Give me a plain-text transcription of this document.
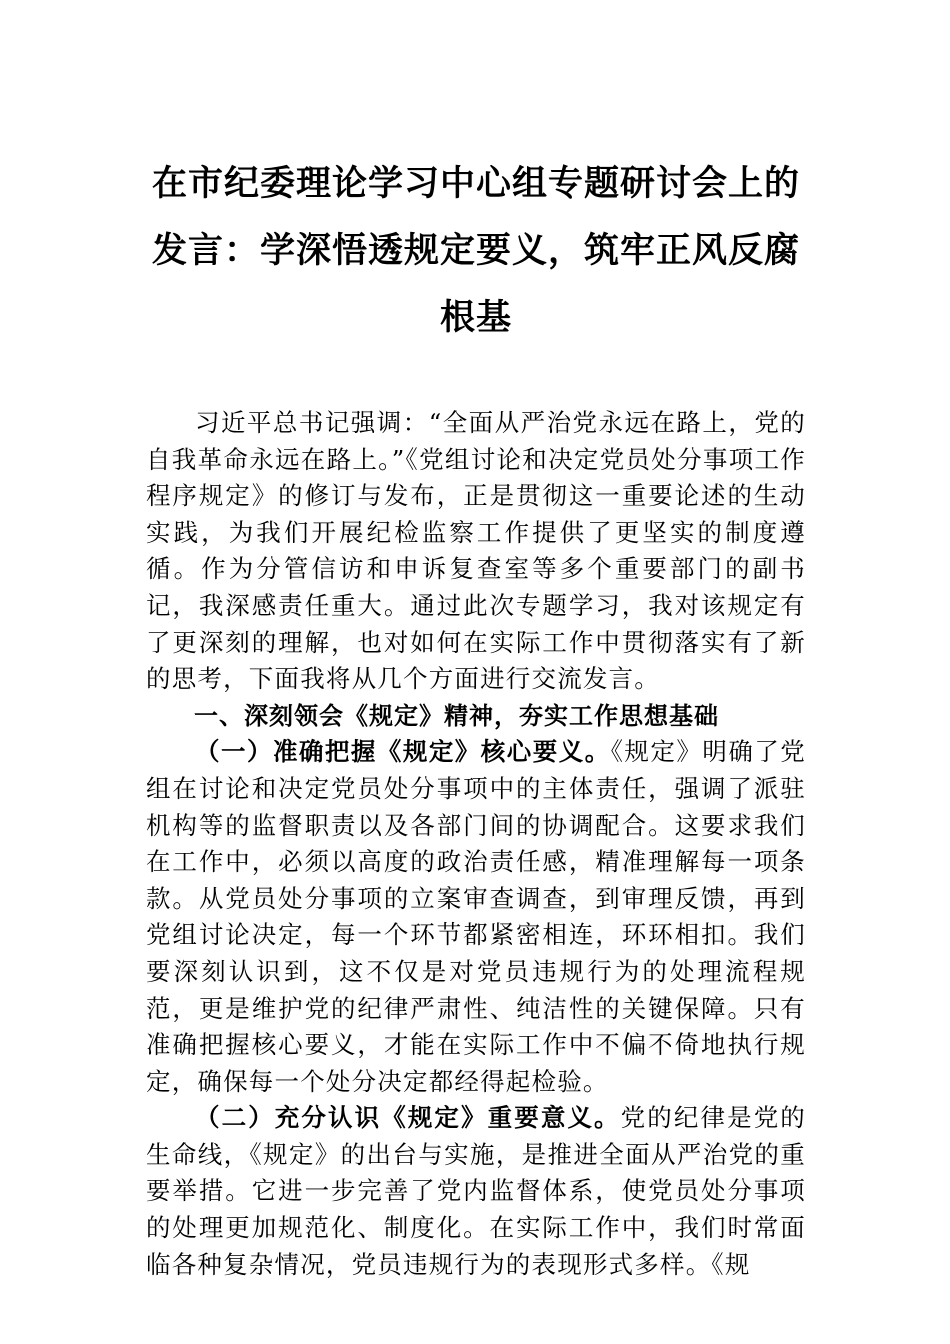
在市纪委理论学习中心组专题研讨会上的发言：学深悟透规定要义，筑牢正风反腐根基

习近平总书记强调：“全面从严治党永远在路上，党的自我革命永远在路上。”《党组讨论和决定党员处分事项工作程序规定》的修订与发布，正是贯彻这一重要论述的生动实践，为我们开展纪检监察工作提供了更坚实的制度遵循。作为分管信访和申诉复查室等多个重要部门的副书记，我深感责任重大。通过此次专题学习，我对该规定有了更深刻的理解，也对如何在实际工作中贯彻落实有了新的思考，下面我将从几个方面进行交流发言。

一、深刻领会《规定》精神，夯实工作思想基础

（一）准确把握《规定》核心要义。《规定》明确了党组在讨论和决定党员处分事项中的主体责任，强调了派驻机构等的监督职责以及各部门间的协调配合。这要求我们在工作中，必须以高度的政治责任感，精准理解每一项条款。从党员处分事项的立案审查调查，到审理反馈，再到党组讨论决定，每一个环节都紧密相连，环环相扣。我们要深刻认识到，这不仅是对党员违规行为的处理流程规范，更是维护党的纪律严肃性、纯洁性的关键保障。只有准确把握核心要义，才能在实际工作中不偏不倚地执行规定，确保每一个处分决定都经得起检验。

（二）充分认识《规定》重要意义。党的纪律是党的生命线，《规定》的出台与实施，是推进全面从严治党的重要举措。它进一步完善了党内监督体系，使党员处分事项的处理更加规范化、制度化。在实际工作中，我们时常面临各种复杂情况，党员违规行为的表现形式多样。《规
